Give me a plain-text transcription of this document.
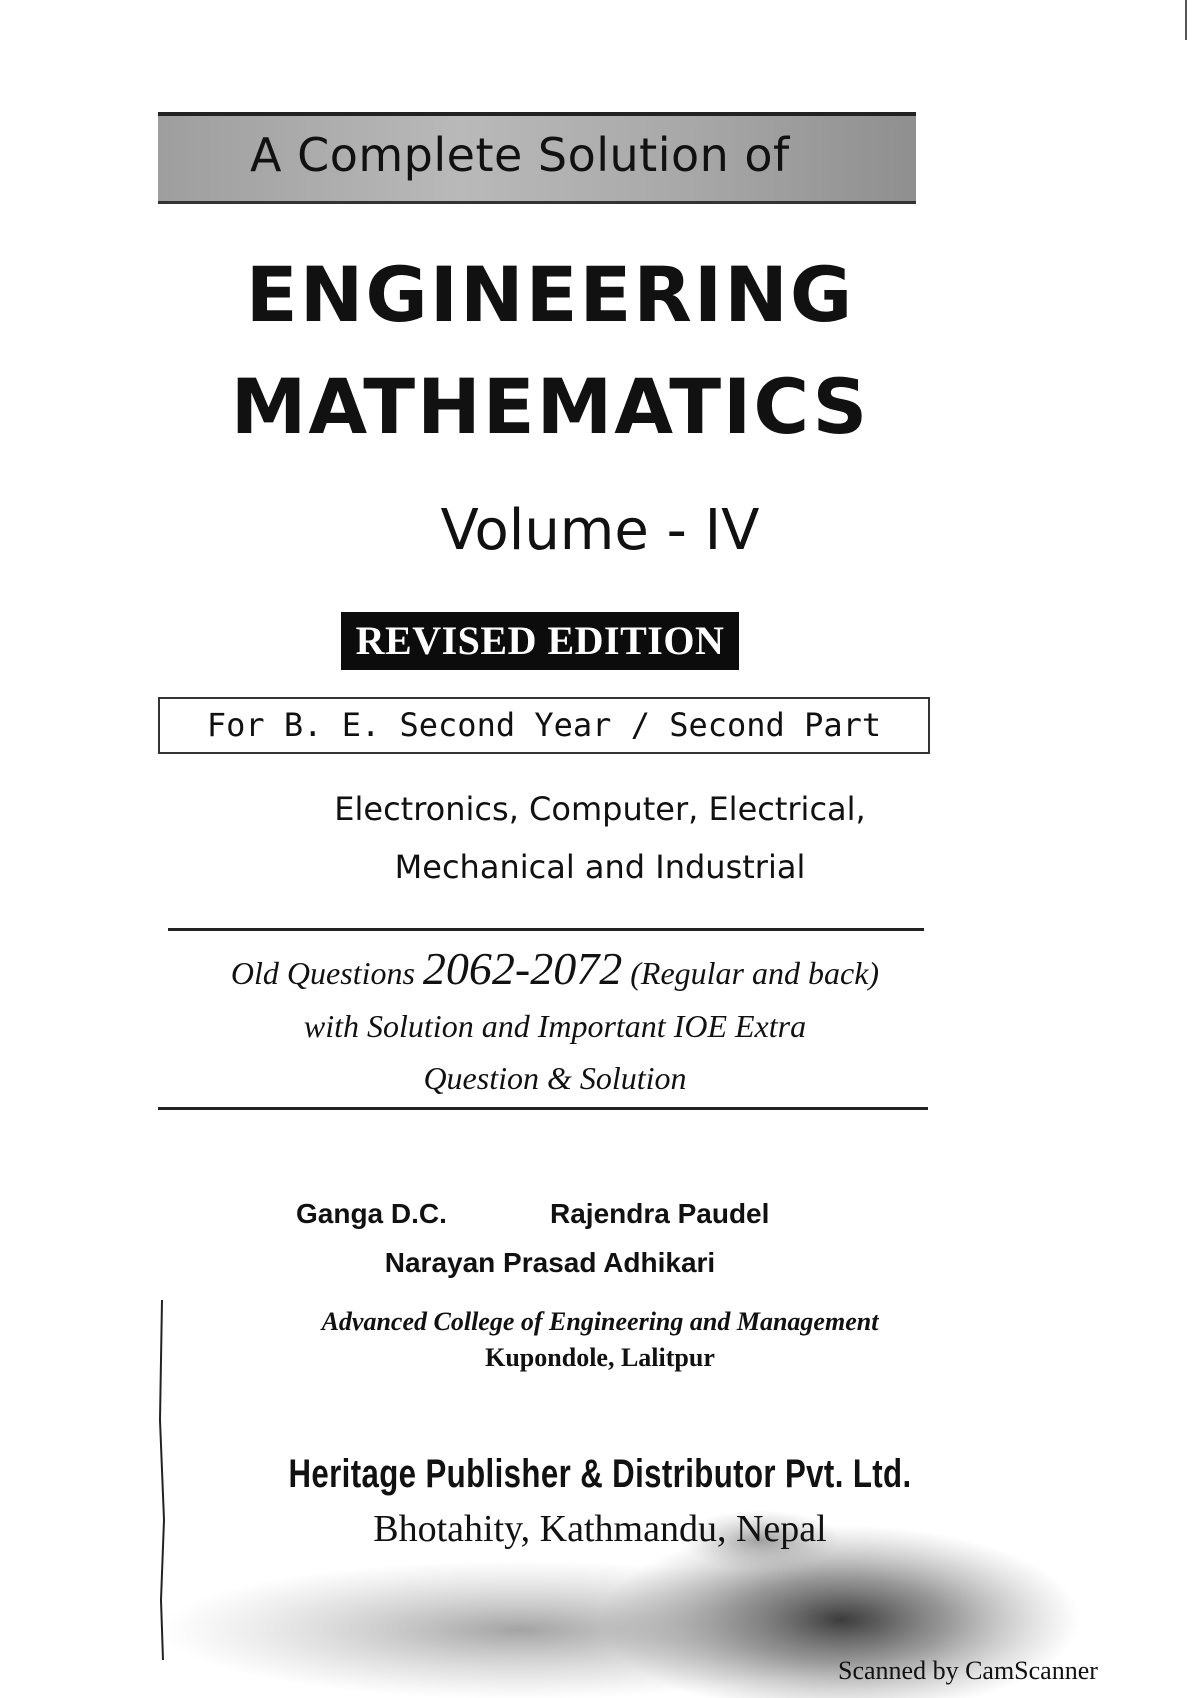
A Complete Solution of
ENGINEERING
MATHEMATICS
Volume - IV
REVISED EDITION
For B. E. Second Year / Second Part
Electronics, Computer, Electrical,
Mechanical and Industrial
Old Questions 2062-2072 (Regular and back)
with Solution and Important IOE Extra
Question & Solution
Ganga D.C.	Rajendra Paudel
Narayan Prasad Adhikari
Advanced College of Engineering and Management
Kupondole, Lalitpur
Heritage Publisher & Distributor Pvt. Ltd.
Bhotahity, Kathmandu, Nepal
Scanned by CamScanner
